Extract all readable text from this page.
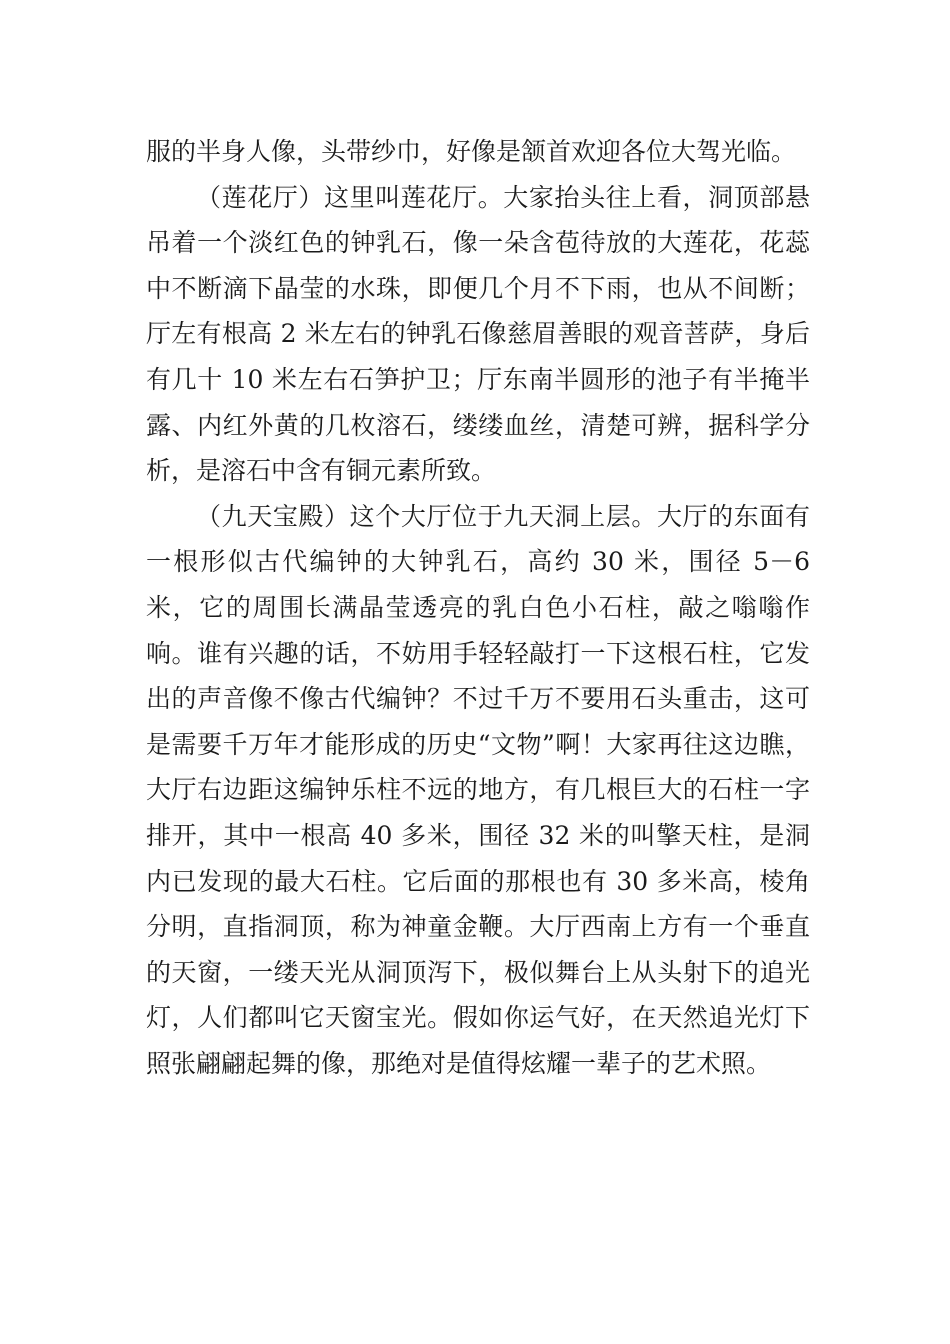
服的半身人像，头带纱巾，好像是颔首欢迎各位大驾光临。

（莲花厅）这里叫莲花厅。大家抬头往上看，洞顶部悬吊着一个淡红色的钟乳石，像一朵含苞待放的大莲花，花蕊中不断滴下晶莹的水珠，即便几个月不下雨，也从不间断；厅左有根高 2 米左右的钟乳石像慈眉善眼的观音菩萨，身后有几十 10 米左右石笋护卫；厅东南半圆形的池子有半掩半露、内红外黄的几枚溶石，缕缕血丝，清楚可辨，据科学分析，是溶石中含有铜元素所致。

（九天宝殿）这个大厅位于九天洞上层。大厅的东面有一根形似古代编钟的大钟乳石，高约 30 米，围径 5－6 米，它的周围长满晶莹透亮的乳白色小石柱，敲之嗡嗡作响。谁有兴趣的话，不妨用手轻轻敲打一下这根石柱，它发出的声音像不像古代编钟？不过千万不要用石头重击，这可是需要千万年才能形成的历史“文物”啊！大家再往这边瞧，大厅右边距这编钟乐柱不远的地方，有几根巨大的石柱一字排开，其中一根高 40 多米，围径 32 米的叫擎天柱，是洞内已发现的最大石柱。它后面的那根也有 30 多米高，棱角分明，直指洞顶，称为神童金鞭。大厅西南上方有一个垂直的天窗，一缕天光从洞顶泻下，极似舞台上从头射下的追光灯，人们都叫它天窗宝光。假如你运气好，在天然追光灯下照张翩翩起舞的像，那绝对是值得炫耀一辈子的艺术照。
